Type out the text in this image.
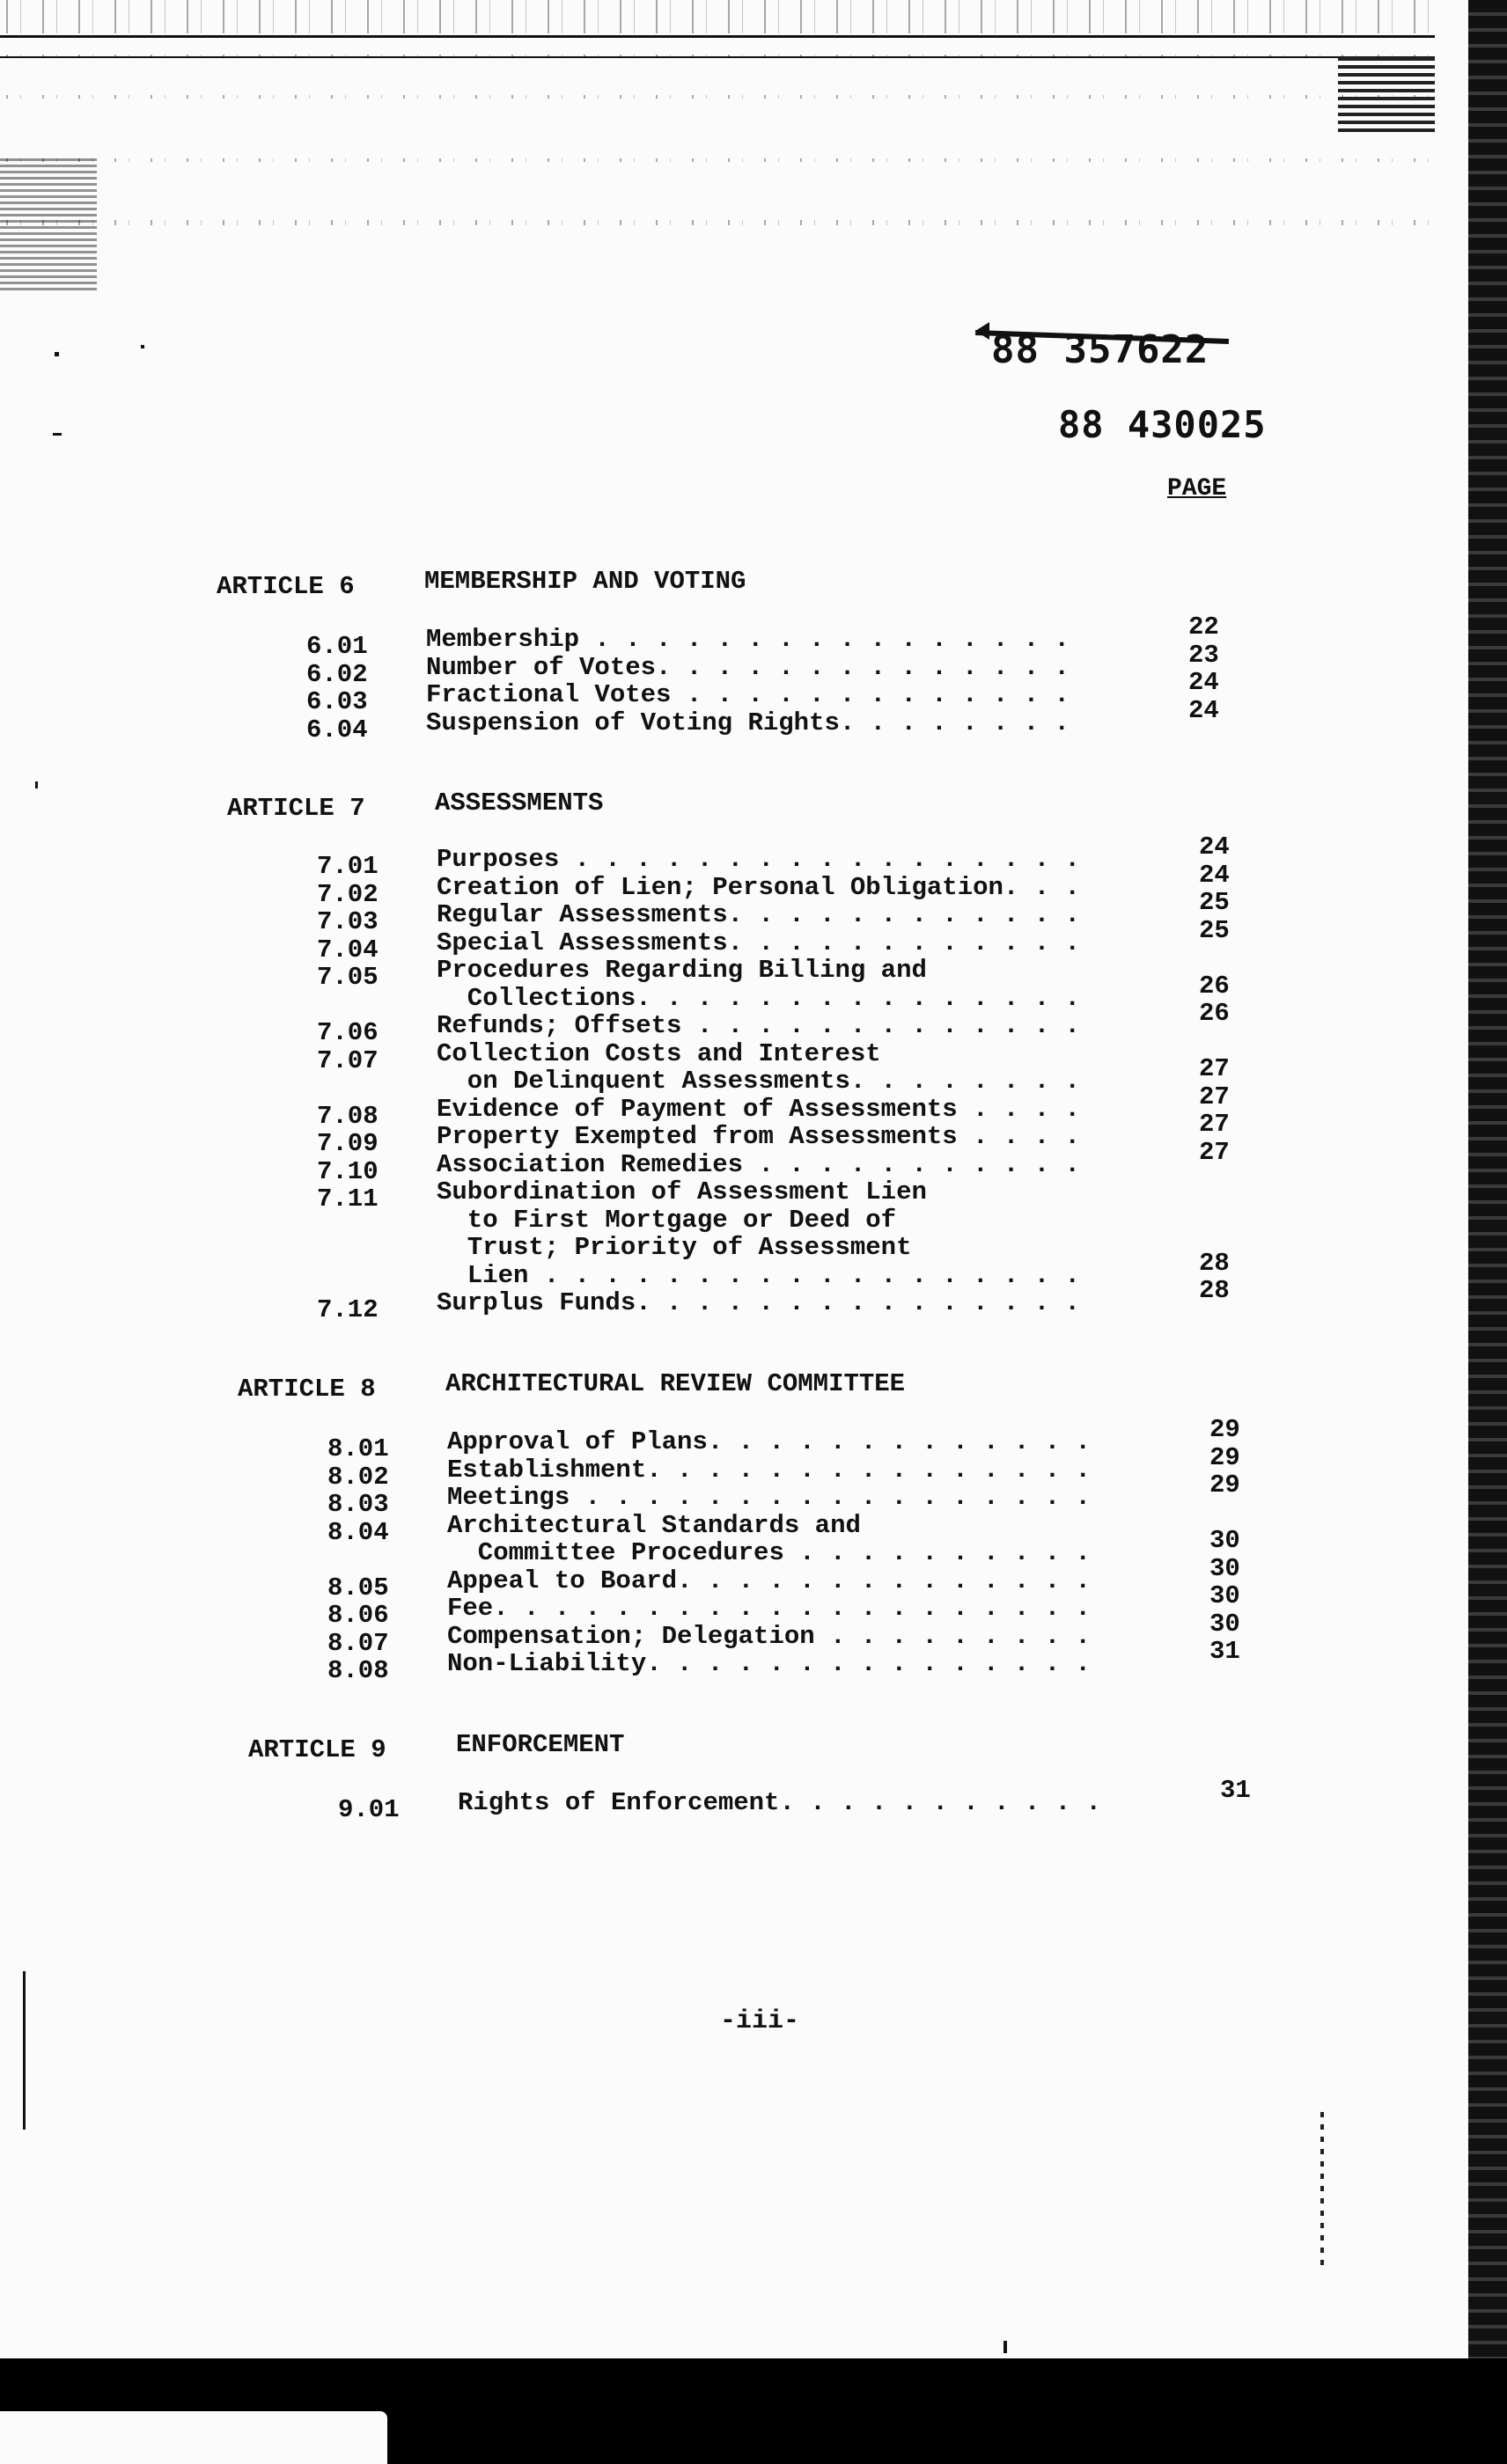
88 357622
88 430025
PAGE
ARTICLE 6	MEMBERSHIP AND VOTING
6.01 Membership . . . . . . . . . . . . . . . .	22
6.02 Number of Votes. . . . . . . . . . . . . .	23
6.03 Fractional Votes . . . . . . . . . . . . .	24
6.04 Suspension of Voting Rights. . . . . . . .	24
ARTICLE 7	ASSESSMENTS
7.01 Purposes . . . . . . . . . . . . . . . . .	24
7.02 Creation of Lien; Personal Obligation. . .	24
7.03 Regular Assessments. . . . . . . . . . . .	25
7.04 Special Assessments. . . . . . . . . . . .	25
7.05 Procedures Regarding Billing and
Collections. . . . . . . . . . . . . . .	26
7.06 Refunds; Offsets . . . . . . . . . . . . .	26
7.07 Collection Costs and Interest
on Delinquent Assessments. . . . . . . .	27
7.08 Evidence of Payment of Assessments . . . .	27
7.09 Property Exempted from Assessments . . . .	27
7.10 Association Remedies . . . . . . . . . . .	27
7.11 Subordination of Assessment Lien
to First Mortgage or Deed of
Trust; Priority of Assessment
Lien . . . . . . . . . . . . . . . . . .	28
7.12 Surplus Funds. . . . . . . . . . . . . . .	28
ARTICLE 8	ARCHITECTURAL REVIEW COMMITTEE
8.01 Approval of Plans. . . . . . . . . . . . .	29
8.02 Establishment. . . . . . . . . . . . . . .	29
8.03 Meetings . . . . . . . . . . . . . . . . .	29
8.04 Architectural Standards and
Committee Procedures . . . . . . . . . .	30
8.05 Appeal to Board. . . . . . . . . . . . . .	30
8.06 Fee. . . . . . . . . . . . . . . . . . . .	30
8.07 Compensation; Delegation . . . . . . . . .	30
8.08 Non-Liability. . . . . . . . . . . . . . .	31
ARTICLE 9	ENFORCEMENT
9.01 Rights of Enforcement. . . . . . . . . . .	31
-iii-
